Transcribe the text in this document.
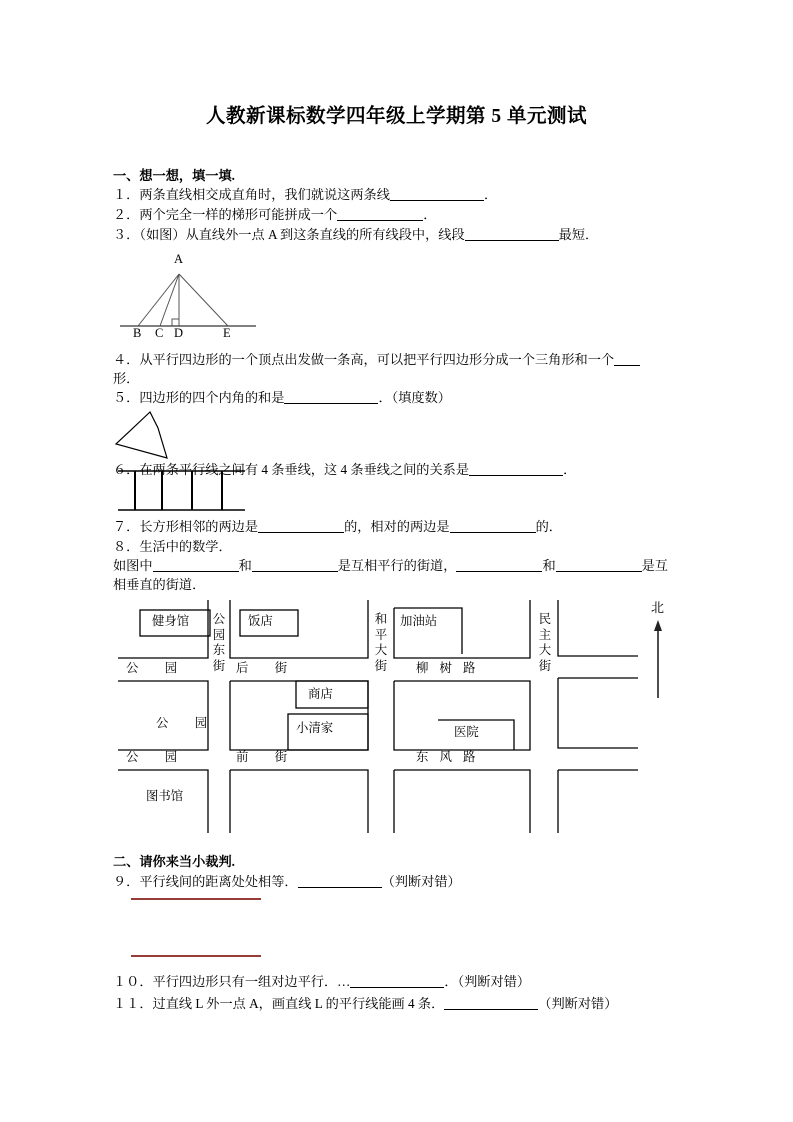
人教新课标数学四年级上学期第 5 单元测试
一、想一想，填一填.
１．两条直线相交成直角时，我们就说这两条线	．
２．两个完全一样的梯形可能拼成一个	．
３．（如图）从直线外一点 A 到这条直线的所有线段中，线段	最短．
A
B C D	E
４．从平行四边形的一个顶点出发做一条高，可以把平行四边形分成一个三角形和一个
形．
５．四边形的四个内角的和是	．（填度数）
６．在两条平行线之间有 4 条垂线，这 4 条垂线之间的关系是	．
７．长方形相邻的两边是	的，相对的两边是	的．
８．生活中的数学．
如图中	和	是互相平行的街道，	和	是互
相垂直的街道．
健身馆
公　园
公　园
公　园
图书馆
饭店
后　街
商店
小清家
前　街
加油站
柳 树 路
医院
东 风 路
公园东街
和平大街
民主大街
北
二、请你来当小裁判.
９．平行线间的距离处处相等．	（判断对错）
１０．平行四边形只有一组对边平行．…	．（判断对错）
１１．过直线 L 外一点 A，画直线 L 的平行线能画 4 条．	（判断对错）
